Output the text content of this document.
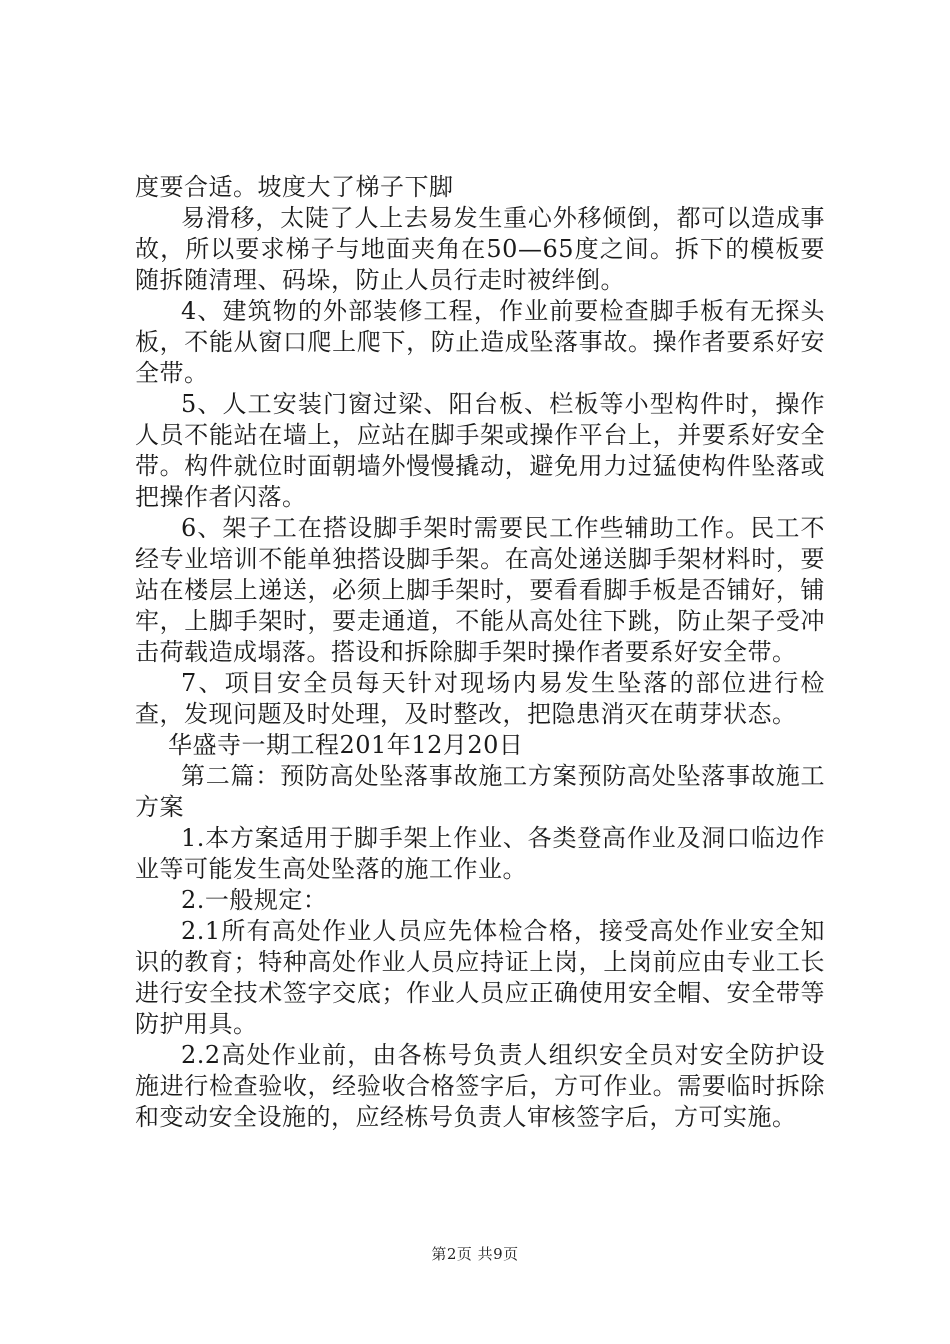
度要合适。坡度大了梯子下脚

易滑移，太陡了人上去易发生重心外移倾倒，都可以造成事故，所以要求梯子与地面夹角在50—65度之间。拆下的模板要随拆随清理、码垛，防止人员行走时被绊倒。

4、建筑物的外部装修工程，作业前要检查脚手板有无探头板，不能从窗口爬上爬下，防止造成坠落事故。操作者要系好安全带。

5、人工安装门窗过梁、阳台板、栏板等小型构件时，操作人员不能站在墙上，应站在脚手架或操作平台上，并要系好安全带。构件就位时面朝墙外慢慢撬动，避免用力过猛使构件坠落或把操作者闪落。

6、架子工在搭设脚手架时需要民工作些辅助工作。民工不经专业培训不能单独搭设脚手架。在高处递送脚手架材料时，要站在楼层上递送，必须上脚手架时，要看看脚手板是否铺好，铺牢，上脚手架时，要走通道，不能从高处往下跳，防止架子受冲击荷载造成塌落。搭设和拆除脚手架时操作者要系好安全带。

7、项目安全员每天针对现场内易发生坠落的部位进行检查，发现问题及时处理，及时整改，把隐患消灭在萌芽状态。

华盛寺一期工程201年12月20日

第二篇：预防高处坠落事故施工方案预防高处坠落事故施工方案

1.本方案适用于脚手架上作业、各类登高作业及洞口临边作业等可能发生高处坠落的施工作业。

2.一般规定：

2.1所有高处作业人员应先体检合格，接受高处作业安全知识的教育；特种高处作业人员应持证上岗，上岗前应由专业工长进行安全技术签字交底；作业人员应正确使用安全帽、安全带等防护用具。

2.2高处作业前，由各栋号负责人组织安全员对安全防护设施进行检查验收，经验收合格签字后，方可作业。需要临时拆除和变动安全设施的，应经栋号负责人审核签字后，方可实施。

第2页 共9页
